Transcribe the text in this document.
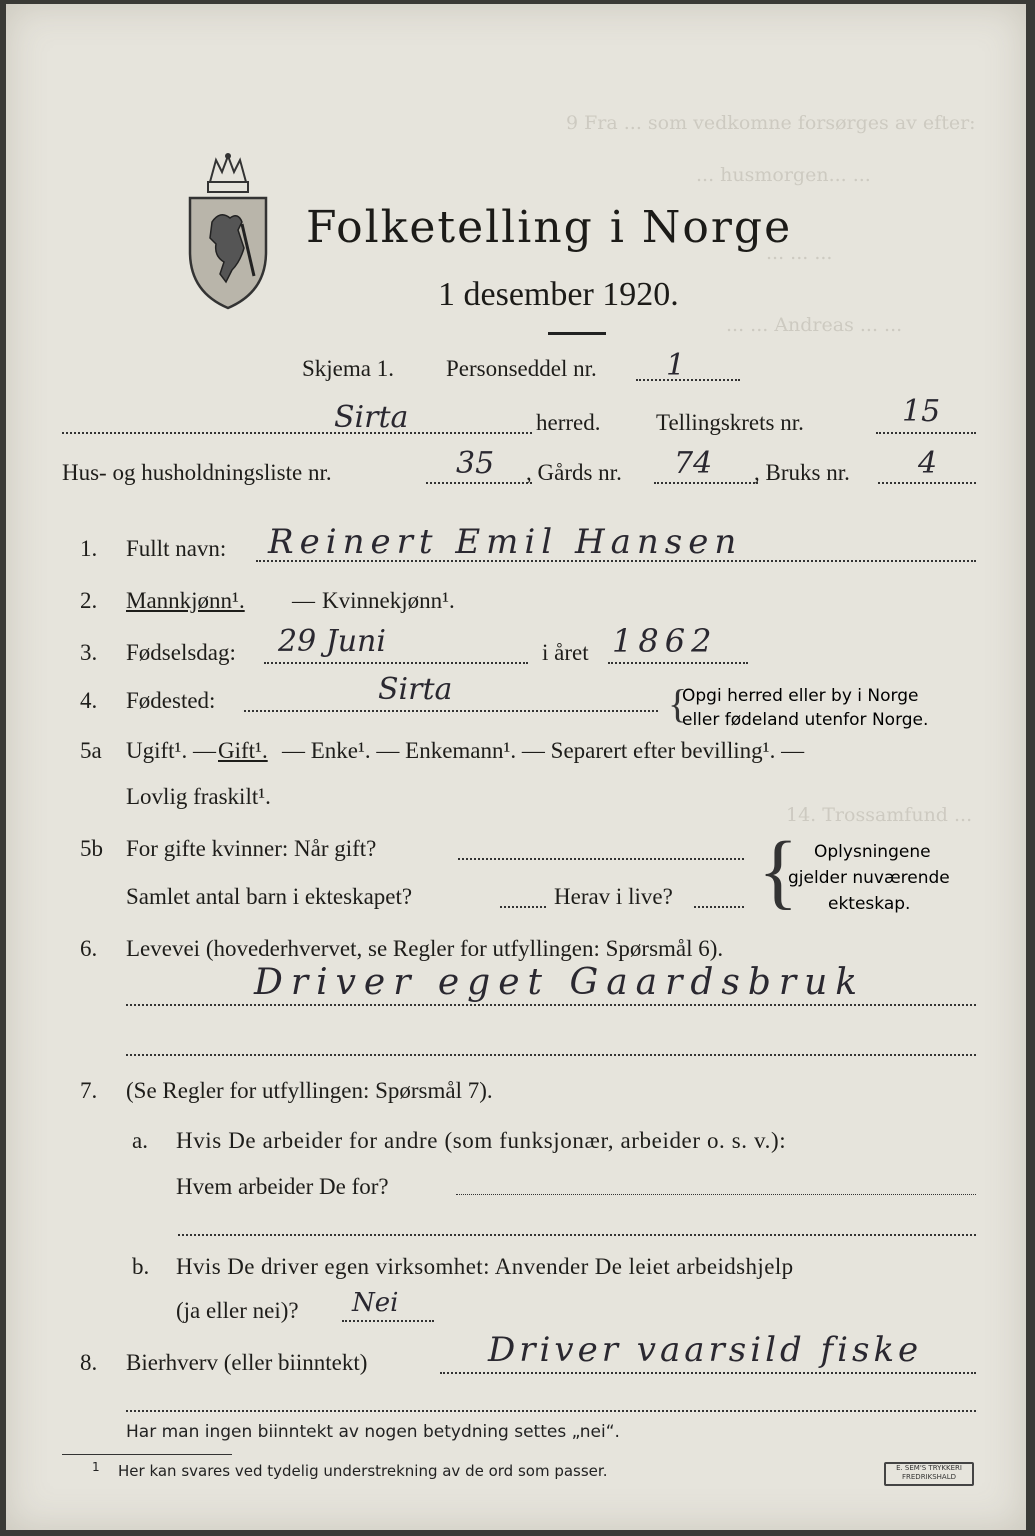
9 Fra ... som vedkomne forsørges av efter:
... husmorgen... ...
... ... ...
... ... Andreas ... ...
14. Trossamfund ...
Folketelling i Norge
1 desember 1920.
Skjema 1. Personseddel nr. 1
Sirta	herred. Tellingskrets nr.	15
Hus- og husholdningsliste nr.	35 , Gårds nr. 74 , Bruks nr. 4
1. Fullt navn: Reinert Emil Hansen
2. Mannkjønn¹. — Kvinnekjønn¹.
3. Fødselsdag: 29 Juni	i året 1862
4. Fødested:	Sirta	{
Opgi herred eller by i Norge
eller fødeland utenfor Norge.
5a Ugift¹. — Gift¹. — Enke¹. — Enkemann¹. — Separert efter bevilling¹. —
Lovlig fraskilt¹.
5b For gifte kvinner: Når gift?
Samlet antal barn i ekteskapet?	Herav i live? { Oplysningene
gjelder nuværende
ekteskap.
6. Levevei (hovederhvervet, se Regler for utfyllingen: Spørsmål 6).
Driver eget Gaardsbruk
7. (Se Regler for utfyllingen: Spørsmål 7).
a. Hvis De arbeider for andre (som funksjonær, arbeider o. s. v.):
Hvem arbeider De for?
b. Hvis De driver egen virksomhet: Anvender De leiet arbeidshjelp
(ja eller nei)? Nei
8. Bierhverv (eller biinntekt)	Driver vaarsild fiske
Har man ingen biinntekt av nogen betydning settes „nei“.
1 Her kan svares ved tydelig understrekning av de ord som passer.	E. SEM'S TRYKKERI FREDRIKSHALD
